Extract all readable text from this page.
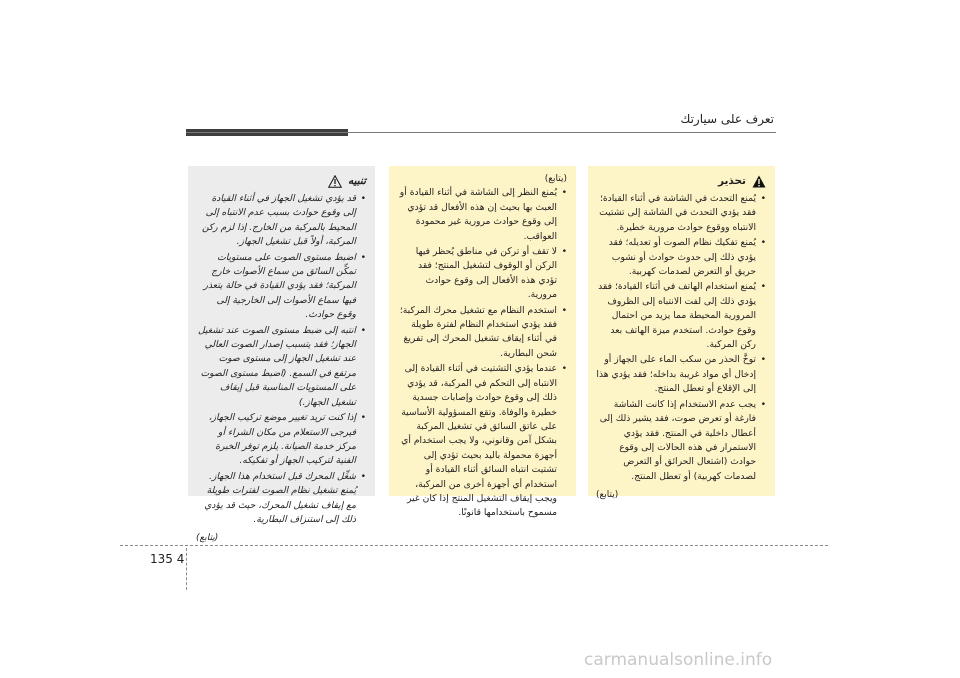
تعرف على سيارتك
تحذير
• يُمنع التحدث في الشاشة في أثناء القيادة؛ فقد يؤدي التحدث في الشاشة إلى تشتيت الانتباه ووقوع حوادث مرورية خطيرة.
• يُمنع تفكيك نظام الصوت أو تعديله؛ فقد يؤدي ذلك إلى حدوث حوادث أو نشوب حريق أو التعرض لصدمات كهربية.
• يُمنع استخدام الهاتف في أثناء القيادة؛ فقد يؤدي ذلك إلى لفت الانتباه إلى الظروف المرورية المحيطة مما يزيد من احتمال وقوع حوادث. استخدم ميزة الهاتف بعد ركن المركبة.
• توخَّ الحذر من سكب الماء على الجهاز أو إدخال أي مواد غريبة بداخله؛ فقد يؤدي هذا إلى الإقلاع أو تعطل المنتج.
• يجب عدم الاستخدام إذا كانت الشاشة فارغة أو تعرض صوت، فقد يشير ذلك إلى أعطال داخلية في المنتج. فقد يؤدي الاستمرار في هذه الحالات إلى وقوع حوادث (اشتعال الحرائق أو التعرض لصدمات كهربية) أو تعطل المنتج.
(يتابع)
(يتابع)
• يُمنع النظر إلى الشاشة في أثناء القيادة أو العبث بها بحيث إن هذه الأفعال قد تؤدي إلى وقوع حوادث مرورية غير محمودة العواقب.
• لا تقف أو تركن في مناطق يُحظر فيها الركن أو الوقوف لتشغيل المنتج؛ فقد تؤدي هذه الأفعال إلى وقوع حوادث مرورية.
• استخدم النظام مع تشغيل محرك المركبة؛ فقد يؤدي استخدام النظام لفترة طويلة في أثناء إيقاف تشغيل المحرك إلى تفريغ شحن البطارية.
• عندما يؤدي التشتيت في أثناء القيادة إلى الانتباه إلى التحكم في المركبة، قد يؤدي ذلك إلى وقوع حوادث وإصابات جسدية خطيرة والوفاة. وتقع المسؤولية الأساسية على عاتق السائق في تشغيل المركبة بشكل آمن وقانوني، ولا يجب استخدام أي أجهزة محمولة باليد بحيث تؤدي إلى تشتيت انتباه السائق أثناء القيادة أو استخدام أي أجهزة أخرى من المركبة، ويجب إيقاف التشغيل المنتج إذا كان غير مسموح باستخدامها قانونًا.
تنبيه
• قد يؤدي تشغيل الجهاز في أثناء القيادة إلى وقوع حوادث بسبب عدم الانتباه إلى المحيط بالمركبة من الخارج. إذا لزم ركن المركبة، أولاً قبل تشغيل الجهاز.
• اضبط مستوى الصوت على مستويات تمكِّن السائق من سماع الأصوات خارج المركبة؛ فقد يؤدي القيادة في حالة يتعذر فيها سماع الأصوات إلى الخارجية إلى وقوع حوادث.
• انتبه إلى ضبط مستوى الصوت عند تشغيل الجهاز؛ فقد يتسبب إصدار الصوت العالي عند تشغيل الجهاز إلى مستوى صوت مرتفع في السمع. (اضبط مستوى الصوت على المستويات المناسبة قبل إيقاف تشغيل الجهاز.)
• إذا كنت تريد تغيير موضع تركيب الجهاز، فيرجى الاستعلام من مكان الشراء أو مركز خدمة الصيانة. يلزم توفر الخبرة الفنية لتركيب الجهاز أو تفكيكه.
• شغِّل المحرك قبل استخدام هذا الجهاز. يُمنع تشغيل نظام الصوت لفترات طويلة مع إيقاف تشغيل المحرك، حيث قد يؤدي ذلك إلى استنزاف البطارية.
(يتابع)
135 4
carmanualsonline.info
